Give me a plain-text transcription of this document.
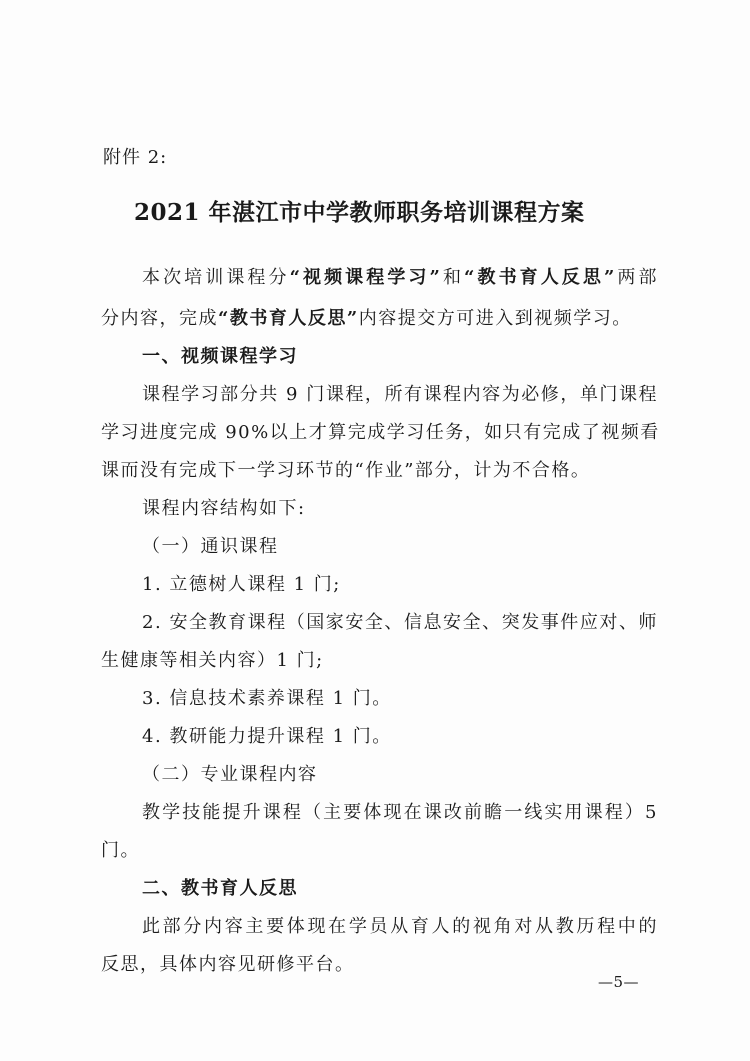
附件 2:
2021 年湛江市中学教师职务培训课程方案
本次培训课程分“视频课程学习”和“教书育人反思”两部
分内容，完成“教书育人反思”内容提交方可进入到视频学习。
一、视频课程学习
课程学习部分共 9 门课程，所有课程内容为必修，单门课程
学习进度完成 90%以上才算完成学习任务，如只有完成了视频看
课而没有完成下一学习环节的“作业”部分，计为不合格。
课程内容结构如下:
（一）通识课程
1. 立德树人课程 1 门;
2. 安全教育课程（国家安全、信息安全、突发事件应对、师
生健康等相关内容）1 门;
3. 信息技术素养课程 1 门。
4. 教研能力提升课程 1 门。
（二）专业课程内容
教学技能提升课程（主要体现在课改前瞻一线实用课程）5
门。
二、教书育人反思
此部分内容主要体现在学员从育人的视角对从教历程中的
反思，具体内容见研修平台。
—5—
